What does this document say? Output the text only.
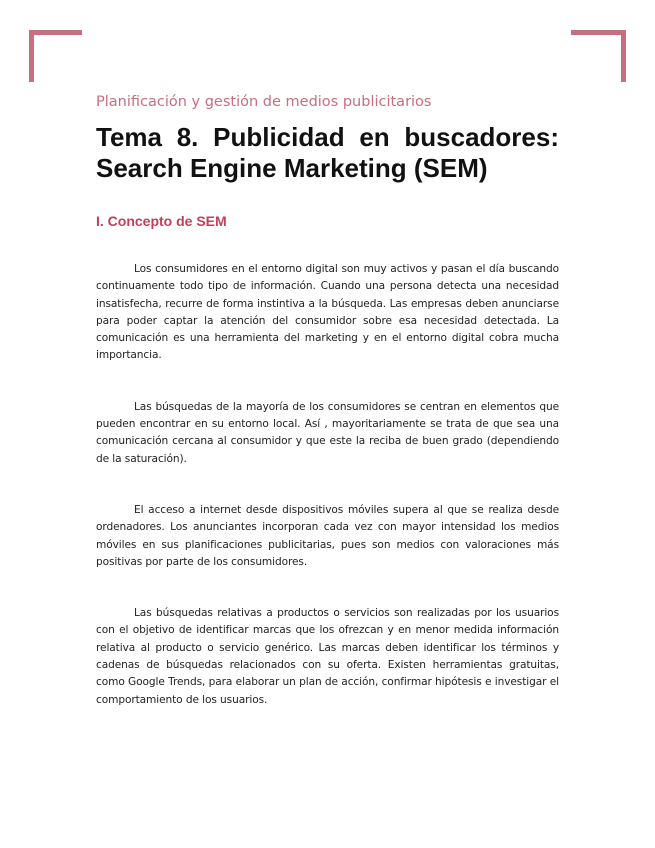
Planificación y gestión de medios publicitarios

Tema 8. Publicidad en buscadores: Search Engine Marketing (SEM)
I. Concepto de SEM

Los consumidores en el entorno digital son muy activos y pasan el día buscando continuamente todo tipo de información. Cuando una persona detecta una necesidad insatisfecha, recurre de forma instintiva a la búsqueda. Las empresas deben anunciarse para poder captar la atención del consumidor sobre esa necesidad detectada. La comunicación es una herramienta del marketing y en el entorno digital cobra mucha importancia.

Las búsquedas de la mayoría de los consumidores se centran en elementos que pueden encontrar en su entorno local. Así , mayoritariamente se trata de que sea una comunicación cercana al consumidor y que este la reciba de buen grado (dependiendo de la saturación).

El acceso a internet desde dispositivos móviles supera al que se realiza desde ordenadores. Los anunciantes incorporan cada vez con mayor intensidad los medios móviles en sus planificaciones publicitarias, pues son medios con valoraciones más positivas por parte de los consumidores.

Las búsquedas relativas a productos o servicios son realizadas por los usuarios con el objetivo de identificar marcas que los ofrezcan y en menor medida información relativa al producto o servicio genérico. Las marcas deben identificar los términos y cadenas de búsquedas relacionados con su oferta. Existen herramientas gratuitas, como Google Trends, para elaborar un plan de acción, confirmar hipótesis e investigar el comportamiento de los usuarios.
